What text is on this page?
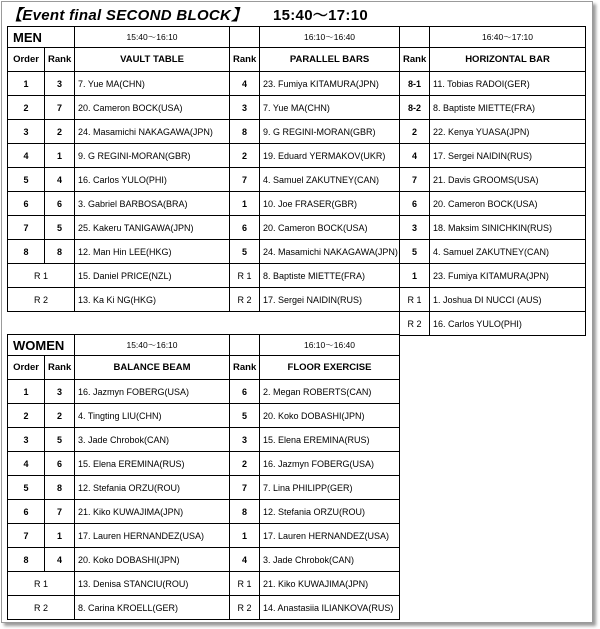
【Event final SECOND BLOCK】 15:40〜17:10
MEN		15:40〜16:10		16:10〜16:40
Order	Rank	VAULT TABLE	Rank	PARALLEL BARS
1	3	7. Yue MA(CHN)	4	23. Fumiya KITAMURA(JPN)
2	7	20. Cameron BOCK(USA)	3	7. Yue MA(CHN)
3	2	24. Masamichi NAKAGAWA(JPN)	8	9. G REGINI-MORAN(GBR)
4	1	9. G REGINI-MORAN(GBR)	2	19. Eduard YERMAKOV(UKR)
5	4	16. Carlos YULO(PHI)	7	4. Samuel ZAKUTNEY(CAN)
6	6	3. Gabriel BARBOSA(BRA)	1	10. Joe FRASER(GBR)
7	5	25. Kakeru TANIGAWA(JPN)	6	20. Cameron BOCK(USA)
8	8	12. Man Hin LEE(HKG)	5	24. Masamichi NAKAGAWA(JPN)
R 1		15. Daniel PRICE(NZL)	R 1	8. Baptiste MIETTE(FRA)
R 2		13. Ka Ki NG(HKG)	R 2	17. Sergei NAIDIN(RUS)
	16:40〜17:10
Rank	HORIZONTAL BAR
8-1	11. Tobias RADOI(GER)
8-2	8. Baptiste MIETTE(FRA)
2	22. Kenya YUASA(JPN)
4	17. Sergei NAIDIN(RUS)
7	21. Davis GROOMS(USA)
6	20. Cameron BOCK(USA)
3	18. Maksim SINICHKIN(RUS)
5	4. Samuel ZAKUTNEY(CAN)
1	23. Fumiya KITAMURA(JPN)
R 1	1. Joshua DI NUCCI (AUS)
R 2	16. Carlos YULO(PHI)
WOMEN		15:40〜16:10		16:10〜16:40
Order	Rank	BALANCE BEAM	Rank	FLOOR EXERCISE
1	3	16. Jazmyn FOBERG(USA)	6	2. Megan ROBERTS(CAN)
2	2	4. Tingting LIU(CHN)	5	20. Koko DOBASHI(JPN)
3	5	3. Jade Chrobok(CAN)	3	15. Elena EREMINA(RUS)
4	6	15. Elena EREMINA(RUS)	2	16. Jazmyn FOBERG(USA)
5	8	12. Stefania ORZU(ROU)	7	7. Lina PHILIPP(GER)
6	7	21. Kiko KUWAJIMA(JPN)	8	12. Stefania ORZU(ROU)
7	1	17. Lauren HERNANDEZ(USA)	1	17. Lauren HERNANDEZ(USA)
8	4	20. Koko DOBASHI(JPN)	4	3. Jade Chrobok(CAN)
R 1		13. Denisa STANCIU(ROU)	R 1	21. Kiko KUWAJIMA(JPN)
R 2		8. Carina KROELL(GER)	R 2	14. Anastasiia ILIANKOVA(RUS)
